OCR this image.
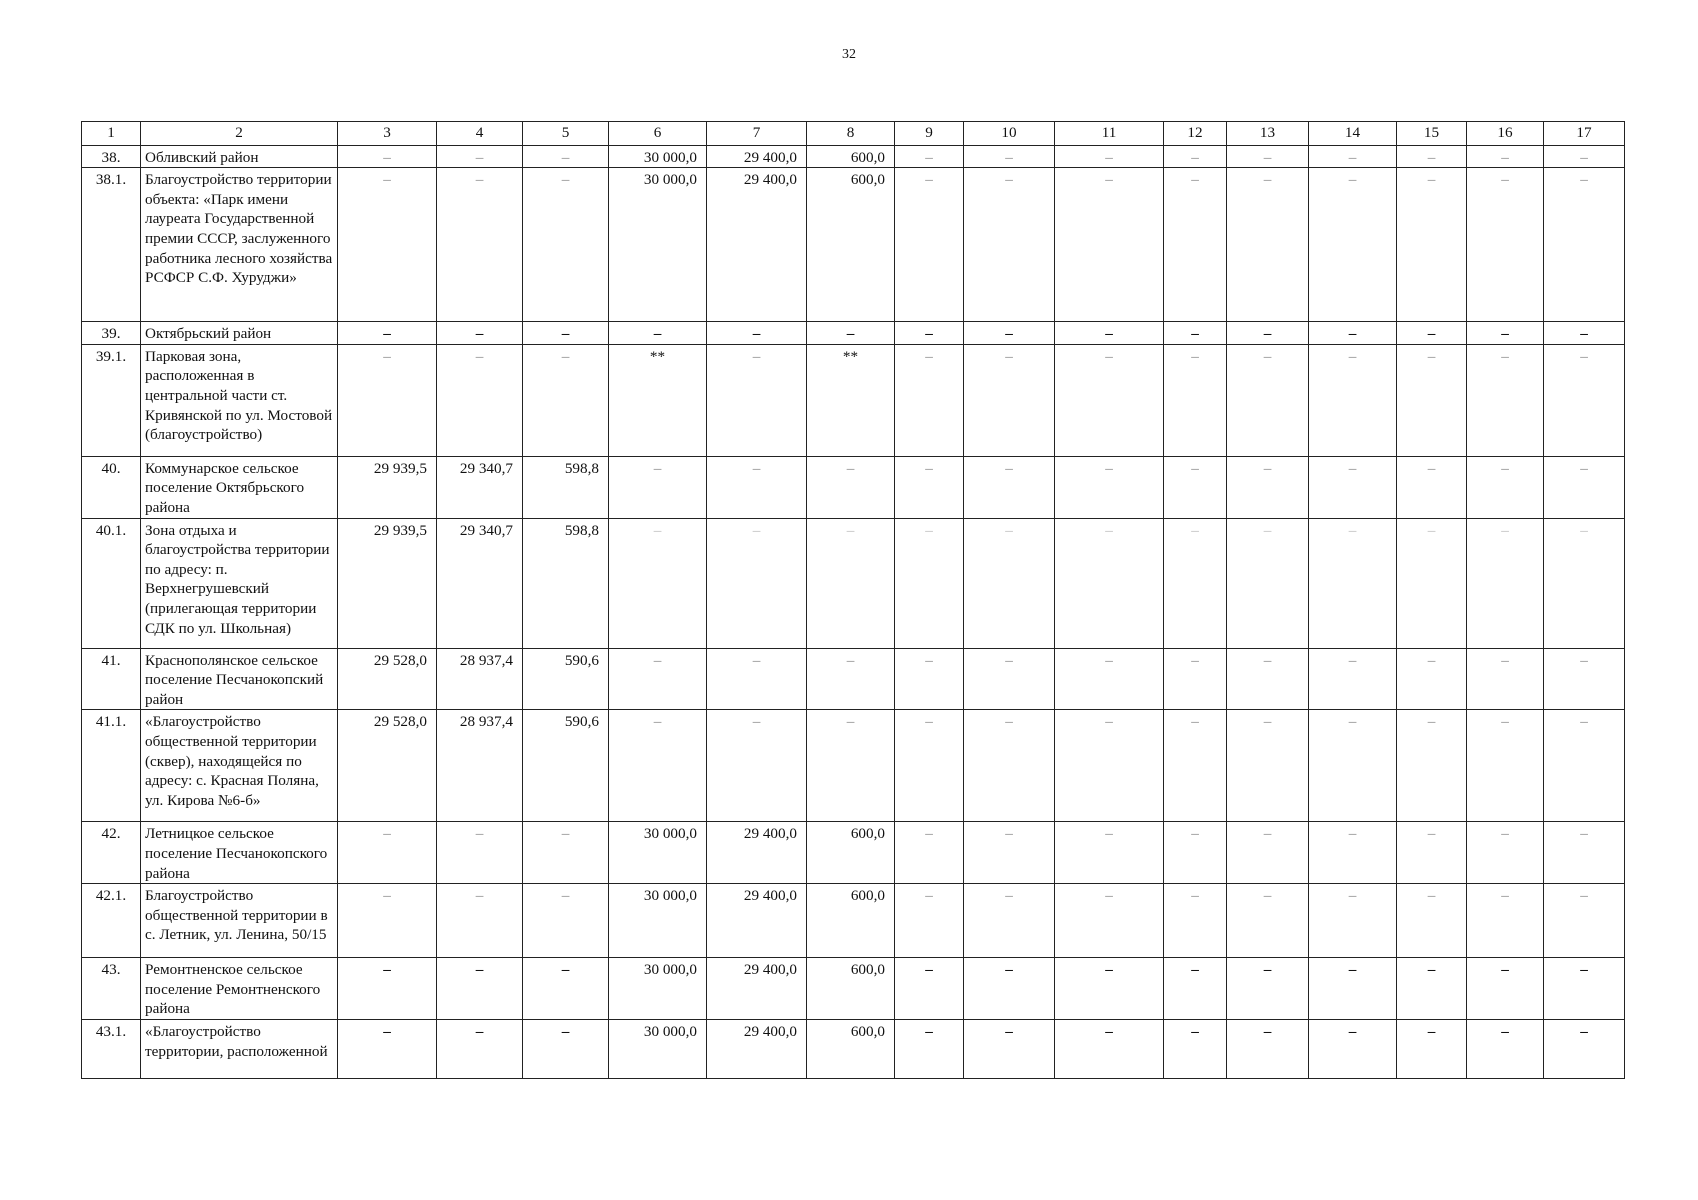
32
1	2	3	4	5	6	7	8	9	10	11	12	13	14	15	16	17
38.	Обливский район	–	–	–	30 000,0	29 400,0	600,0	–	–	–	–	–	–	–	–	–
38.1.	Благоустройство территории объекта: «Парк имени лауреата Государственной премии СССР, заслуженного работника лесного хозяйства РСФСР С.Ф. Хуруджи»	–	–	–	30 000,0	29 400,0	600,0	–	–	–	–	–	–	–	–	–
39.	Октябрьский район	–	–	–	–	–	–	–	–	–	–	–	–	–	–	–
39.1.	Парковая зона, расположенная в центральной части ст. Кривянской по ул. Мостовой (благоустройство)	–	–	–	**	–	**	–	–	–	–	–	–	–	–	–
40.	Коммунарское сельское поселение Октябрьского района	29 939,5	29 340,7	598,8	–	–	–	–	–	–	–	–	–	–	–	–
40.1.	Зона отдыха и благоустройства территории по адресу: п. Верхнегрушевский (прилегающая территории СДК по ул. Школьная)	29 939,5	29 340,7	598,8	–	–	–	–	–	–	–	–	–	–	–	–
41.	Краснополянское сельское поселение Песчанокопский район	29 528,0	28 937,4	590,6	–	–	–	–	–	–	–	–	–	–	–	–
41.1.	«Благоустройство общественной территории (сквер), находящейся по адресу: с. Красная Поляна, ул. Кирова №6-б»	29 528,0	28 937,4	590,6	–	–	–	–	–	–	–	–	–	–	–	–
42.	Летницкое сельское поселение Песчанокопского района	–	–	–	30 000,0	29 400,0	600,0	–	–	–	–	–	–	–	–	–
42.1.	Благоустройство общественной территории в с. Летник, ул. Ленина, 50/15	–	–	–	30 000,0	29 400,0	600,0	–	–	–	–	–	–	–	–	–
43.	Ремонтненское сельское поселение Ремонтненского района	–	–	–	30 000,0	29 400,0	600,0	–	–	–	–	–	–	–	–	–
43.1.	«Благоустройство территории, расположенной	–	–	–	30 000,0	29 400,0	600,0	–	–	–	–	–	–	–	–	–
